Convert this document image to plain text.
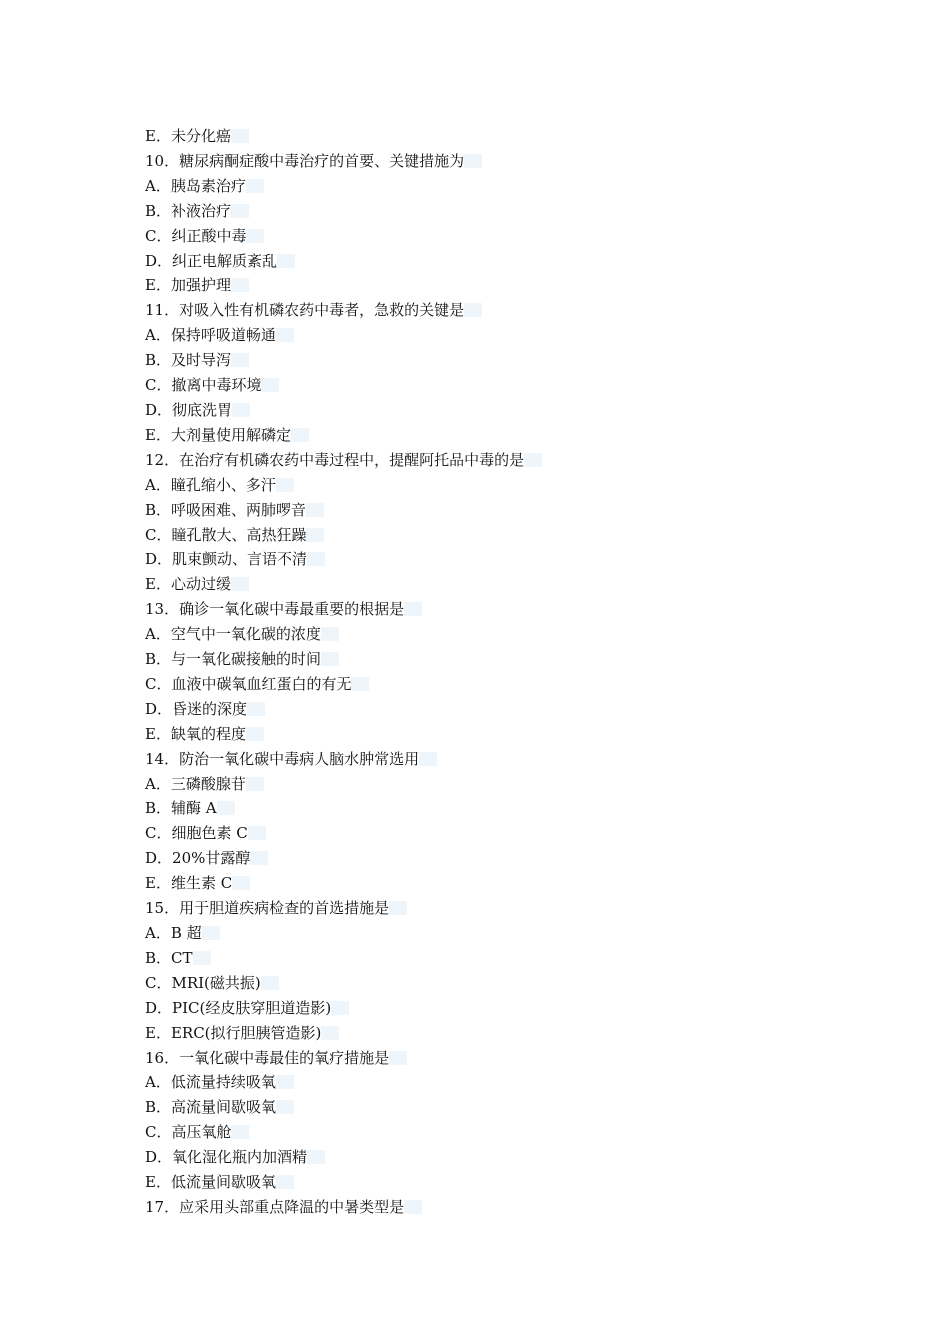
E．未分化癌
10．糖尿病酮症酸中毒治疗的首要、关键措施为
A．胰岛素治疗
B．补液治疗
C．纠正酸中毒
D．纠正电解质紊乱
E．加强护理
11．对吸入性有机磷农药中毒者，急救的关键是
A．保持呼吸道畅通
B．及时导泻
C．撤离中毒环境
D．彻底洗胃
E．大剂量使用解磷定
12．在治疗有机磷农药中毒过程中，提醒阿托品中毒的是
A．瞳孔缩小、多汗
B．呼吸困难、两肺啰音
C．瞳孔散大、高热狂躁
D．肌束颤动、言语不清
E．心动过缓
13．确诊一氧化碳中毒最重要的根据是
A．空气中一氧化碳的浓度
B．与一氧化碳接触的时间
C．血液中碳氧血红蛋白的有无
D．昏迷的深度
E．缺氧的程度
14．防治一氧化碳中毒病人脑水肿常选用
A．三磷酸腺苷
B．辅酶 A
C．细胞色素 C
D．20%甘露醇
E．维生素 C
15．用于胆道疾病检查的首选措施是
A．B 超
B．CT
C．MRI(磁共振)
D．PIC(经皮肤穿胆道造影)
E．ERC(拟行胆胰管造影)
16．一氧化碳中毒最佳的氧疗措施是
A．低流量持续吸氧
B．高流量间歇吸氧
C．高压氧舱
D．氧化湿化瓶内加酒精
E．低流量间歇吸氧
17．应采用头部重点降温的中暑类型是
